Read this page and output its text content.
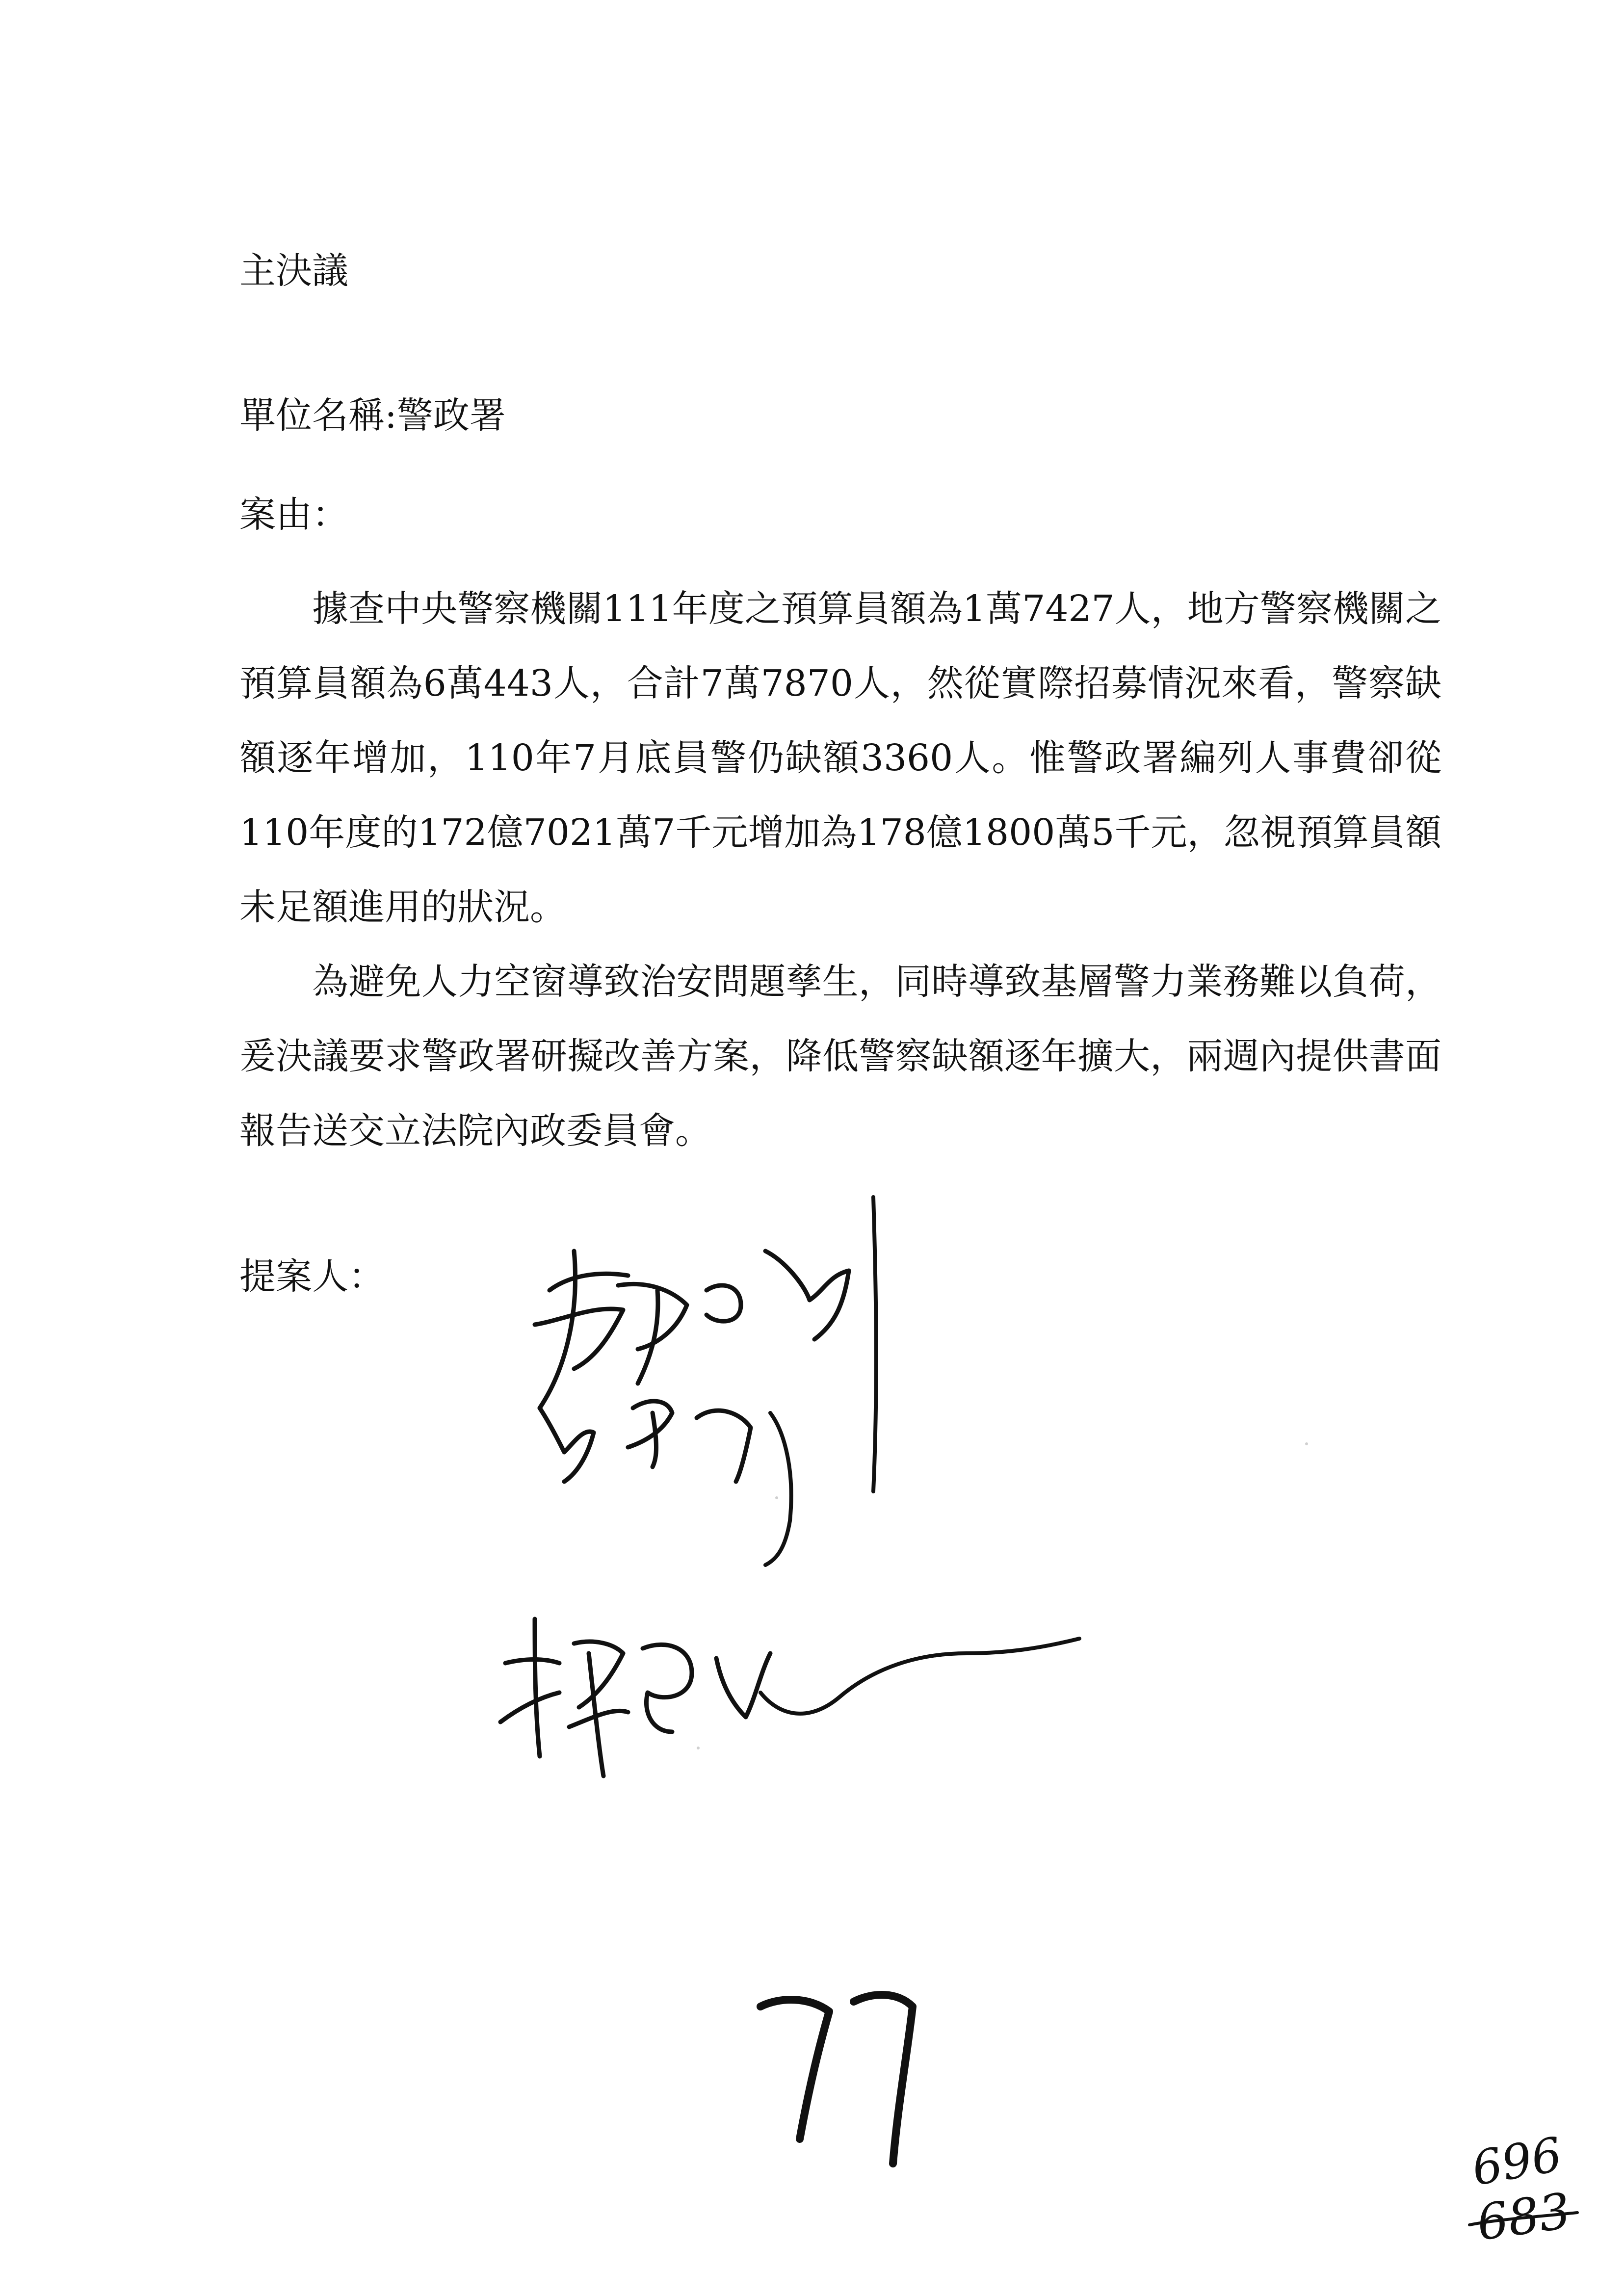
主決議
單位名稱:警政署
案由：
據查中央警察機關111年度之預算員額為1萬7427人，地方警察機關之預算員額為6萬443人，合計7萬7870人，然從實際招募情況來看，警察缺額逐年增加，110年7月底員警仍缺額3360人。惟警政署編列人事費卻從110年度的172億7021萬7千元增加為178億1800萬5千元，忽視預算員額未足額進用的狀況。
為避免人力空窗導致治安問題孳生，同時導致基層警力業務難以負荷，爰決議要求警政署研擬改善方案，降低警察缺額逐年擴大，兩週內提供書面報告送交立法院內政委員會。
提案人：
696
683
